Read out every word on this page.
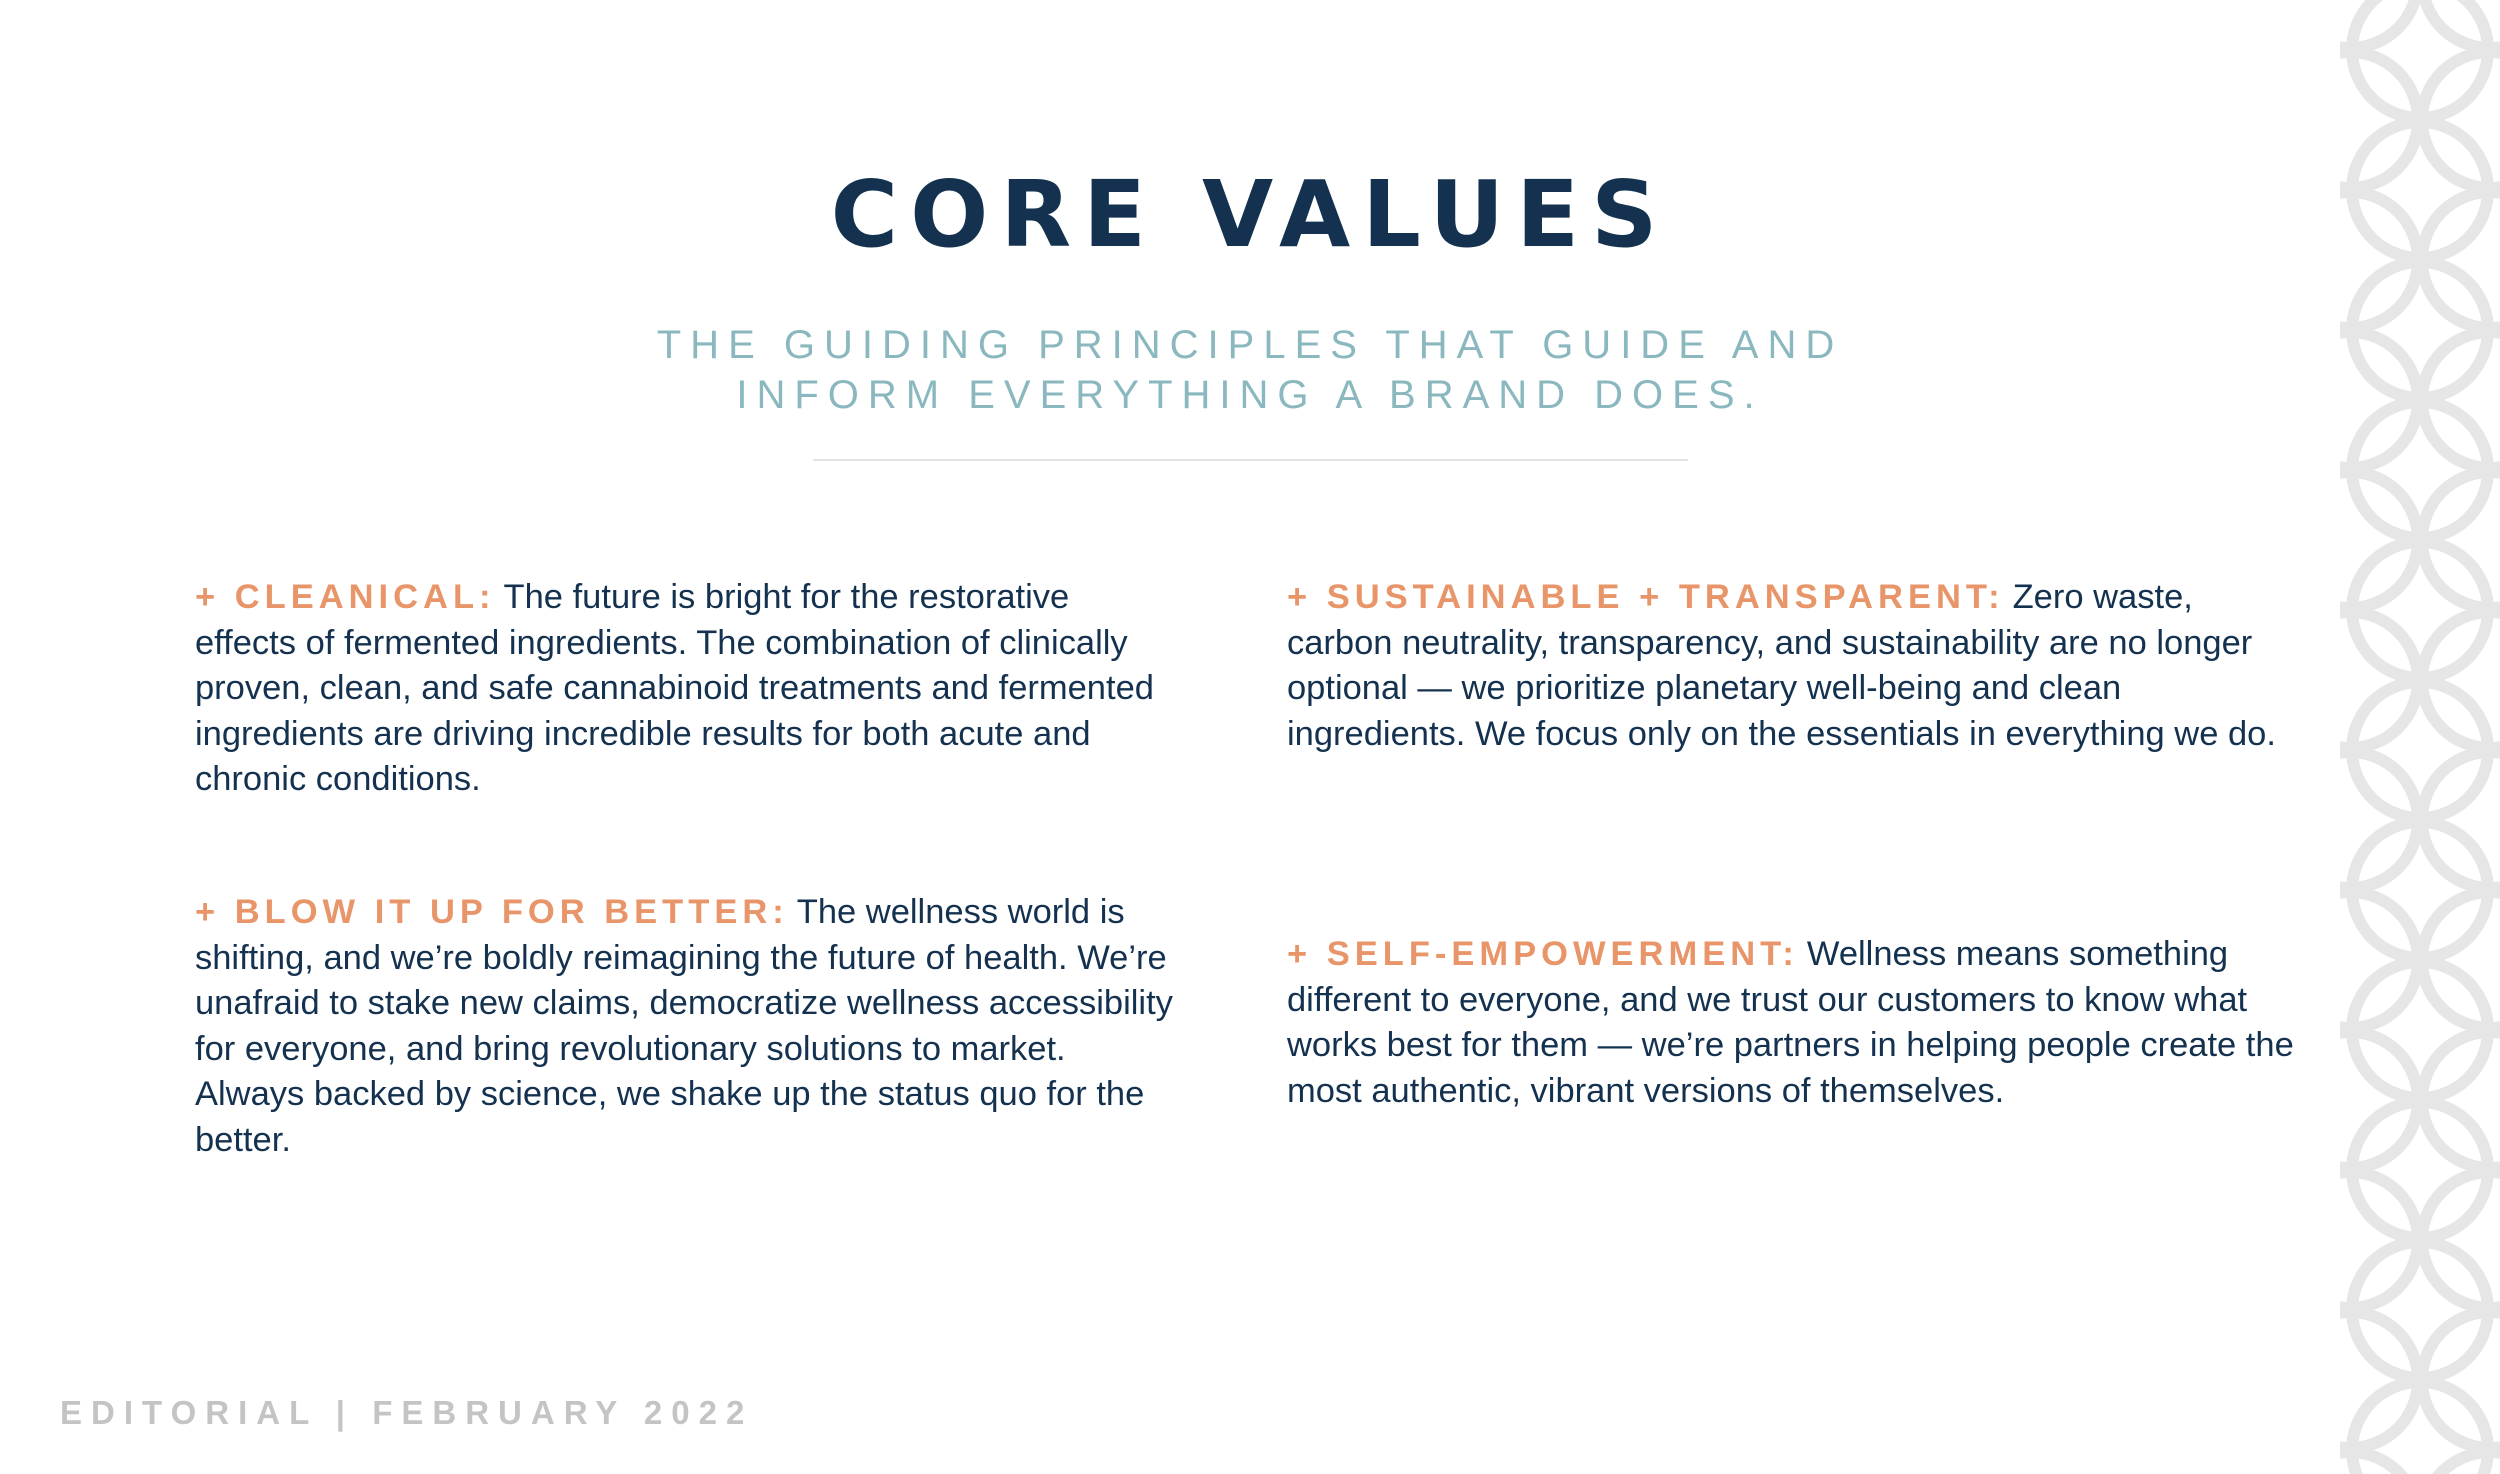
CORE VALUES
THE GUIDING PRINCIPLES THAT GUIDE AND
INFORM EVERYTHING A BRAND DOES.

+ CLEANICAL: The future is bright for the restorative effects of fermented ingredients. The combination of clinically proven, clean, and safe cannabinoid treatments and fermented ingredients are driving incredible results for both acute and chronic conditions.

+ SUSTAINABLE + TRANSPARENT: Zero waste, carbon neutrality, transparency, and sustainability are no longer optional — we prioritize planetary well-being and clean ingredients. We focus only on the essentials in everything we do.

+ BLOW IT UP FOR BETTER: The wellness world is shifting, and we’re boldly reimagining the future of health. We’re unafraid to stake new claims, democratize wellness accessibility for everyone, and bring revolutionary solutions to market. Always backed by science, we shake up the status quo for the better.

+ SELF-EMPOWERMENT: Wellness means something different to everyone, and we trust our customers to know what works best for them — we’re partners in helping people create the most authentic, vibrant versions of themselves.

EDITORIAL | FEBRUARY 2022
